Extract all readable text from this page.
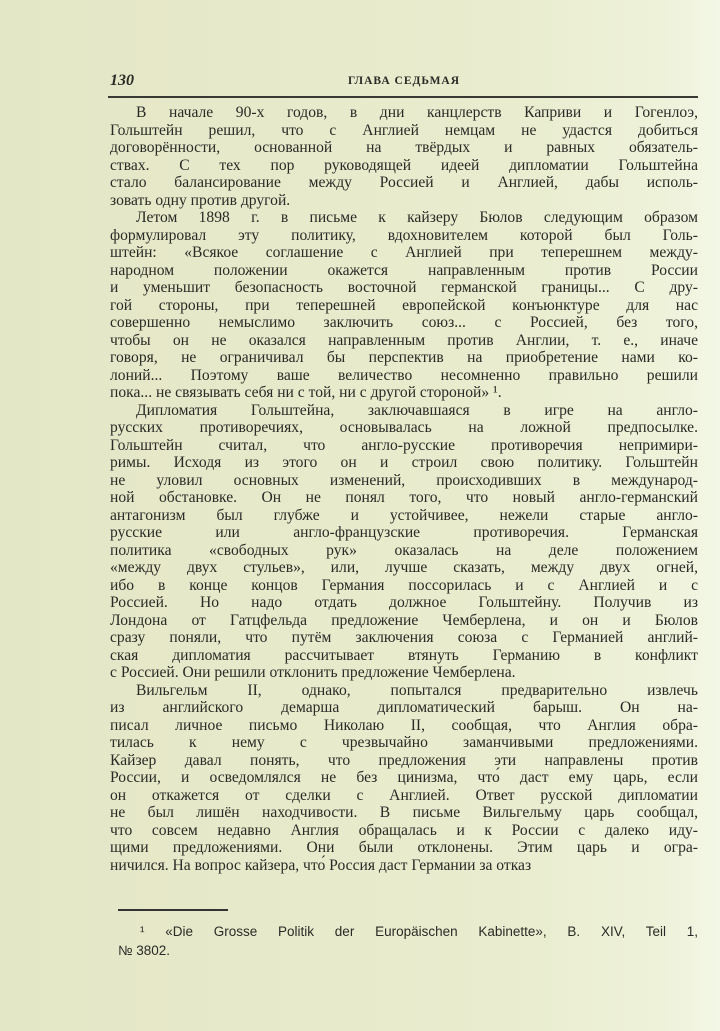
130	ГЛАВА СЕДЬМАЯ
В начале 90-х годов, в дни канцлерств Каприви и Гогенлоэ,
Гольштейн решил, что с Англией немцам не удастся добиться
договорённости, основанной на твёрдых и равных обязатель-
ствах. С тех пор руководящей идеей дипломатии Гольштейна
стало балансирование между Россией и Англией, дабы исполь-
зовать одну против другой.
Летом 1898 г. в письме к кайзеру Бюлов следующим образом
формулировал эту политику, вдохновителем которой был Голь-
штейн: «Всякое соглашение с Англией при теперешнем между-
народном положении окажется направленным против России
и уменьшит безопасность восточной германской границы... С дру-
гой стороны, при теперешней европейской конъюнктуре для нас
совершенно немыслимо заключить союз... с Россией, без того,
чтобы он не оказался направленным против Англии, т. е., иначе
говоря, не ограничивал бы перспектив на приобретение нами ко-
лоний... Поэтому ваше величество несомненно правильно решили
пока... не связывать себя ни с той, ни с другой стороной» ¹.
Дипломатия Гольштейна, заключавшаяся в игре на англо-
русских противоречиях, основывалась на ложной предпосылке.
Гольштейн считал, что англо-русские противоречия непримири-
римы. Исходя из этого он и строил свою политику. Гольштейн
не уловил основных изменений, происходивших в международ-
ной обстановке. Он не понял того, что новый англо-германский
антагонизм был глубже и устойчивее, нежели старые англо-
русские или англо-французские противоречия. Германская
политика «свободных рук» оказалась на деле положением
«между двух стульев», или, лучше сказать, между двух огней,
ибо в конце концов Германия поссорилась и с Англией и с
Россией. Но надо отдать должное Гольштейну. Получив из
Лондона от Гатцфельда предложение Чемберлена, и он и Бюлов
сразу поняли, что путём заключения союза с Германией англий-
ская дипломатия рассчитывает втянуть Германию в конфликт
с Россией. Они решили отклонить предложение Чемберлена.
Вильгельм II, однако, попытался предварительно извлечь
из английского демарша дипломатический барыш. Он на-
писал личное письмо Николаю II, сообщая, что Англия обра-
тилась к нему с чрезвычайно заманчивыми предложениями.
Кайзер давал понять, что предложения эти направлены против
России, и осведомлялся не без цинизма, что́ даст ему царь, если
он откажется от сделки с Англией. Ответ русской дипломатии
не был лишён находчивости. В письме Вильгельму царь сообщал,
что совсем недавно Англия обращалась и к России с далеко иду-
щими предложениями. Они были отклонены. Этим царь и огра-
ничился. На вопрос кайзера, что́ Россия даст Германии за отказ
¹ «Die Grosse Politik der Europäischen Kabinette», B. XIV, Teil 1,
№ 3802.
